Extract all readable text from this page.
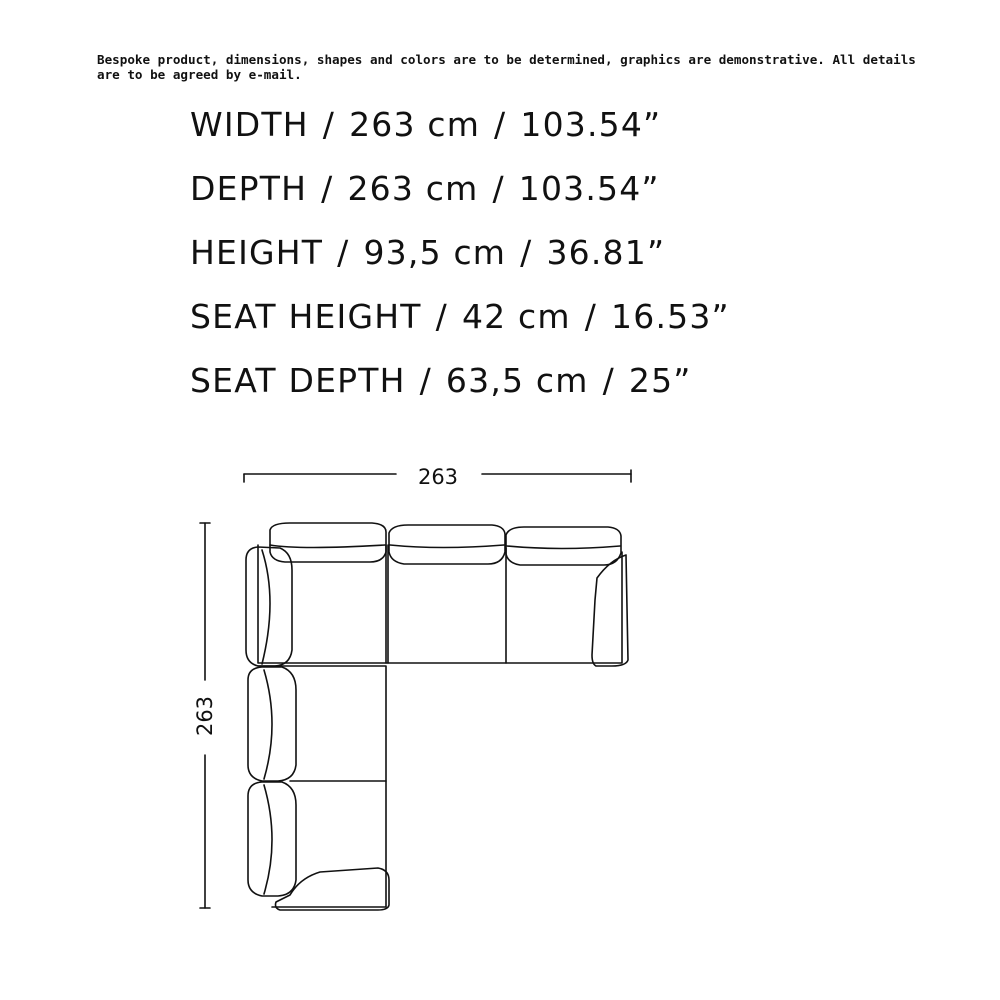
Bespoke product, dimensions, shapes and colors are to be determined, graphics are demonstrative. All details are to be agreed by e-mail.
WIDTH / 263 cm / 103.54”
DEPTH / 263 cm / 103.54”
HEIGHT / 93,5 cm / 36.81”
SEAT HEIGHT / 42 cm / 16.53”
SEAT DEPTH / 63,5 cm / 25”
263
263
